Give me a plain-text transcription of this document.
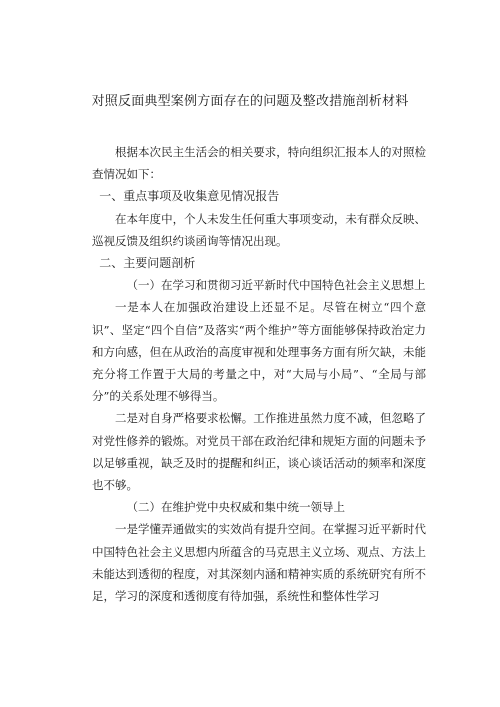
对照反面典型案例方面存在的问题及整改措施剖析材料

根据本次民主生活会的相关要求，特向组织汇报本人的对照检查情况如下：

一、重点事项及收集意见情况报告

在本年度中，个人未发生任何重大事项变动，未有群众反映、巡视反馈及组织约谈函询等情况出现。

二、主要问题剖析

（一）在学习和贯彻习近平新时代中国特色社会主义思想上

一是本人在加强政治建设上还显不足。尽管在树立“四个意识”、坚定“四个自信”及落实“两个维护”等方面能够保持政治定力和方向感，但在从政治的高度审视和处理事务方面有所欠缺，未能充分将工作置于大局的考量之中，对“大局与小局”、“全局与部分”的关系处理不够得当。

二是对自身严格要求松懈。工作推进虽然力度不减，但忽略了对党性修养的锻炼。对党员干部在政治纪律和规矩方面的问题未予以足够重视，缺乏及时的提醒和纠正，谈心谈话活动的频率和深度也不够。

（二）在维护党中央权威和集中统一领导上

一是学懂弄通做实的实效尚有提升空间。在掌握习近平新时代中国特色社会主义思想内所蕴含的马克思主义立场、观点、方法上未能达到透彻的程度，对其深刻内涵和精神实质的系统研究有所不足，学习的深度和透彻度有待加强，系统性和整体性学习
